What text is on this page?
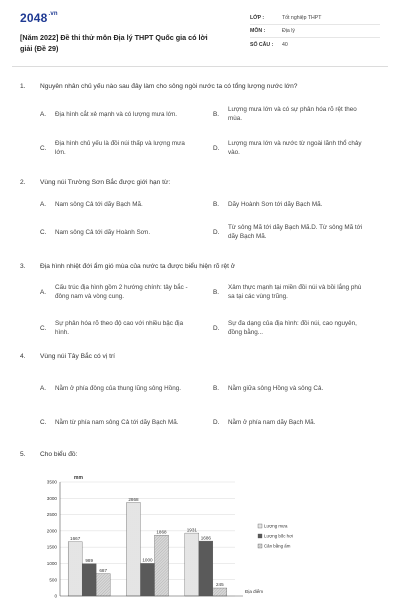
$2048^{.vn}$
[Năm 2022] Đề thi thử môn Địa lý THPT Quốc gia có lời giải (Đề 29)
LỚP :	Tốt nghiệp THPT
MÔN :	Địa lý
SỐ CÂU :	40
1.	Nguyên nhân chủ yếu nào sau đây làm cho sông ngòi nước ta có tổng lượng nước lớn?
A.	Địa hình cắt xẻ mạnh và có lượng mưa lớn.	B.
Lượng mưa lớn và có sự phân hóa rõ rệt theo mùa.
C.
Địa hình chủ yếu là đồi núi thấp và lượng mưa lớn.
D.
Lượng mưa lớn và nước từ ngoài lãnh thổ chảy vào.
2.	Vùng núi Trường Sơn Bắc được giới hạn từ:
A.	Nam sông Cả tới dãy Bạch Mã.	B.	Dãy Hoành Sơn tới dãy Bạch Mã.
C.	Nam sông Cả tới dãy Hoành Sơn.	D.
Từ sông Mã tới dãy Bạch Mã.D. Từ sông Mã tới dãy Bạch Mã.
3.	Địa hình nhiệt đới ẩm gió mùa của nước ta được biểu hiện rõ rệt ở
A.
Cấu trúc địa hình gồm 2 hướng chính: tây bắc - đông nam và vòng cung.
B.
Xâm thực mạnh tại miền đồi núi và bồi lắng phù sa tại các vùng trũng.
C.
Sự phân hóa rõ theo độ cao với nhiều bậc địa hình.
D.
Sự đa dạng của địa hình: đồi núi, cao nguyên, đồng bằng...
4.	Vùng núi Tây Bắc có vị trí
A.	Nằm ở phía đông của thung lũng sông Hồng.	B.	Nằm giữa sông Hồng và sông Cả.
C.	Nằm từ phía nam sông Cả tới dãy Bạch Mã.	D.	Nằm ở phía nam dãy Bạch Mã.
5.	Cho biểu đồ:
1667
989
687
2868
1000
1868	1931
1686
245
0
500
1000
1500
2000
2500
3000
3500
mm
Địa điểm
Lượng mưa
Lượng bốc hơi
Cân bằng ẩm
